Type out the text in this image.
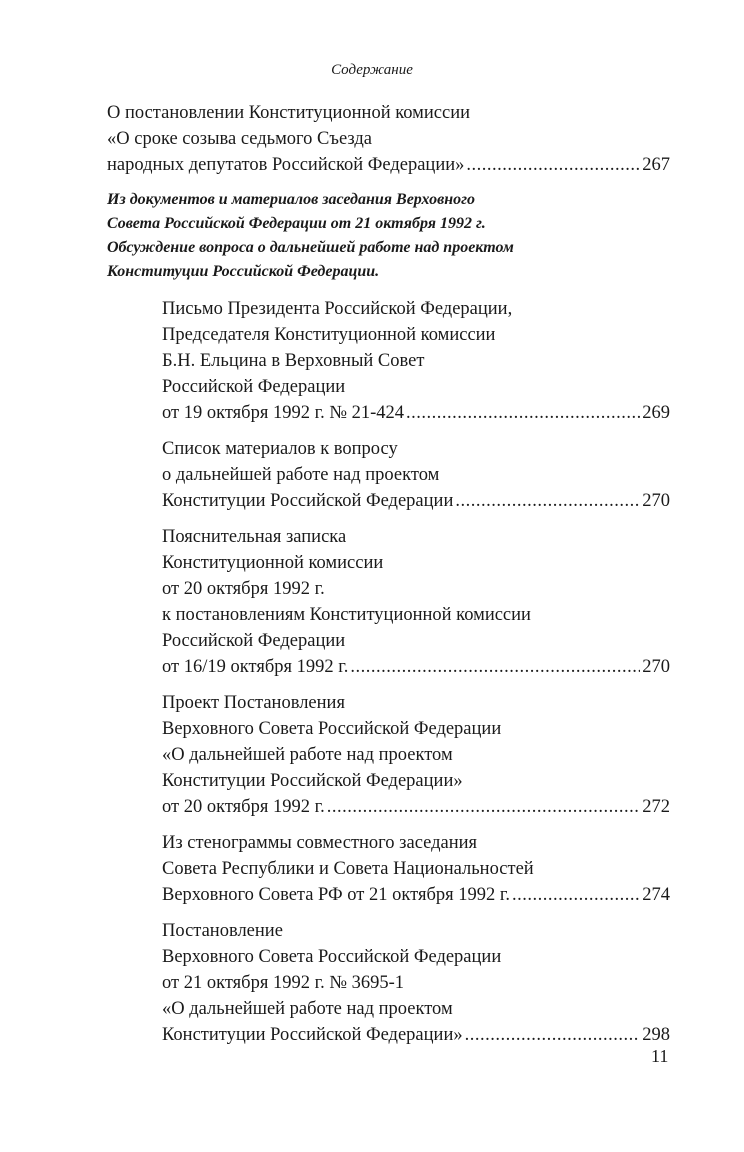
Содержание
О постановлении Конституционной комиссии
«О сроке созыва седьмого Съезда
народных депутатов Российской Федерации» .....	267
Из документов и материалов заседания Верховного
Совета Российской Федерации от 21 октября 1992 г.
Обсуждение вопроса о дальнейшей работе над проектом
Конституции Российской Федерации.
Письмо Президента Российской Федерации,
Председателя Конституционной комиссии
Б.Н. Ельцина в Верховный Совет
Российской Федерации
от 19 октября 1992 г. № 21-424 .....	269
Список материалов к вопросу
о дальнейшей работе над проектом
Конституции Российской Федерации .....	270
Пояснительная записка
Конституционной комиссии
от 20 октября 1992 г.
к постановлениям Конституционной комиссии
Российской Федерации
от 16/19 октября 1992 г. .....	270
Проект Постановления
Верховного Совета Российской Федерации
«О дальнейшей работе над проектом
Конституции Российской Федерации»
от 20 октября 1992 г. .....	272
Из стенограммы совместного заседания
Совета Республики и Совета Национальностей
Верховного Совета РФ от 21 октября 1992 г. .....	274
Постановление
Верховного Совета Российской Федерации
от 21 октября 1992 г. № 3695-1
«О дальнейшей работе над проектом
Конституции Российской Федерации» .....	298
11
